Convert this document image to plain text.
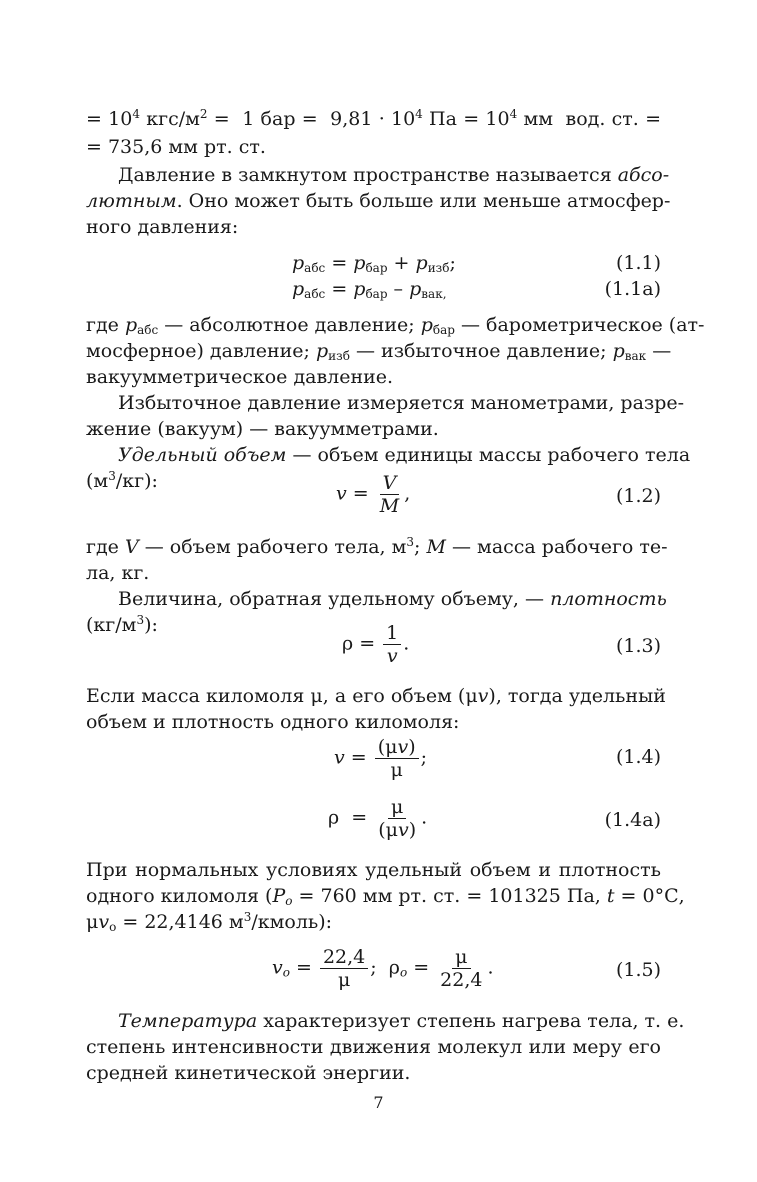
= $10^4$ кгс/$м^2 = 1$ бар =  $9,81 \cdot 10^4$ Па = $10^4$ мм  вод. ст. =
= 735,6 мм рт. ст.
Давление в замкнутом пространстве называется абсо-
лютным. Оно может быть больше или меньше атмосфер-
ного давления:
$p_{абс} = p_{бар} + p_{изб}$;	(1.1)
$p_{абс} = p_{бар} - p_{вак,}$	(1.1а)
где $p_{абс}$ — абсолютное давление; $p_{бар}$ — барометрическое (ат-
мосферное) давление; $p_{изб}$ — избыточное давление; $p_{вак}$ —
вакуумметрическое давление.
Избыточное давление измеряется манометрами, разре-
жение (вакуум) — вакуумметрами.
Удельный объем — объем единицы массы рабочего тела
$(м^3/кг)$:
$v = \frac{V}{M}$ ,	(1.2)
где V — объем рабочего тела, $м^3$; M — масса рабочего те-
ла, кг.
Величина, обратная удельному объему, — плотность
$(кг/м^3)$:
$\rho = \frac{1}{v}$ .	(1.3)
Если масса киломоля μ, а его объем (μv), тогда удельный
объем и плотность одного киломоля:
$v = \frac{(\mu v)}{\mu}$ ;	(1.4)
$\rho = \frac{\mu}{(\mu v)}$ .	(1.4а)
При нормальных условиях удельный объем и плотность
одного киломоля ($P_o = 760$ мм рт. ст. = 101325 Па, t = 0°С,
$\mu v_o = 22,4146$ $м^3/кмоль$):
$v_o = \frac{22,4}{\mu}$ ;  $\rho_o = \frac{\mu}{22,4}$ .	(1.5)
Температура характеризует степень нагрева тела, т. е.
степень интенсивности движения молекул или меру его
средней кинетической энергии.
7
